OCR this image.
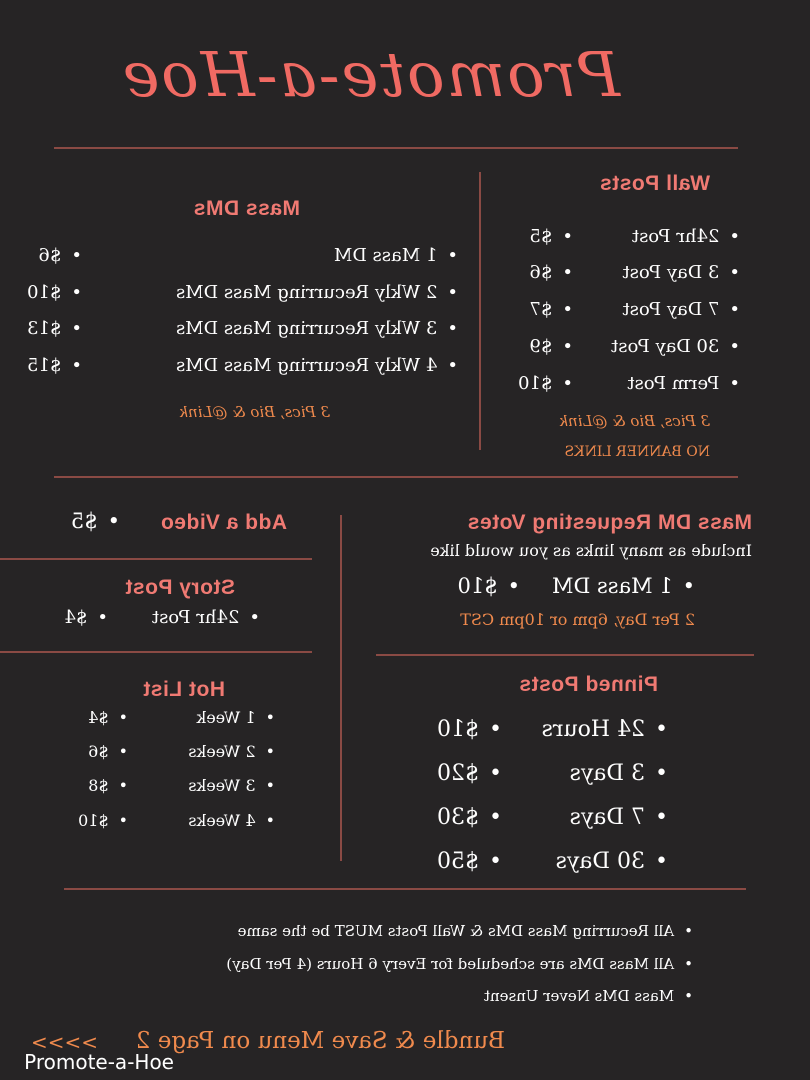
Promote-a-Hoe
Wall Posts
• 24hr Post
• $5
• 3 Day Post
• $6
• 7 Day Post
• $7
• 30 Day Post
• $9
• Perm Post
• $10
3 Pics, Bio & @Link
NO BANNER LINKS
Mass DMs
• 1 Mass DM
• $6
• 2 Wkly Recurring Mass DMs
• $10
• 3 Wkly Recurring Mass DMs
• $13
• 4 Wkly Recurring Mass DMs
• $15
3 Pics, Bio & @Link
Mass DM Requesting Votes
Include as many links as you would like
• 1 Mass DM
• $10
2 Per Day, 6pm or 10pm CST
Add a Video
• $5
Story Post
• 24hr Post
• $4
Pinned Posts
• 24 Hours
• $10
• 3 Days
• $20
• 7 Days
• $30
• 30 Days
• $50
Hot List
• 1 Week
• $4
• 2 Weeks
• $6
• 3 Weeks
• $8
• 4 Weeks
• $10
• All Recurring Mass DMs & Wall Posts MUST be the same
• All Mass DMs are scheduled for Every 6 Hours (4 Per Day)
• Mass DMs Never Unsent
Bundle & Save Menu on Page 2
>>>>
Promote-a-Hoe
